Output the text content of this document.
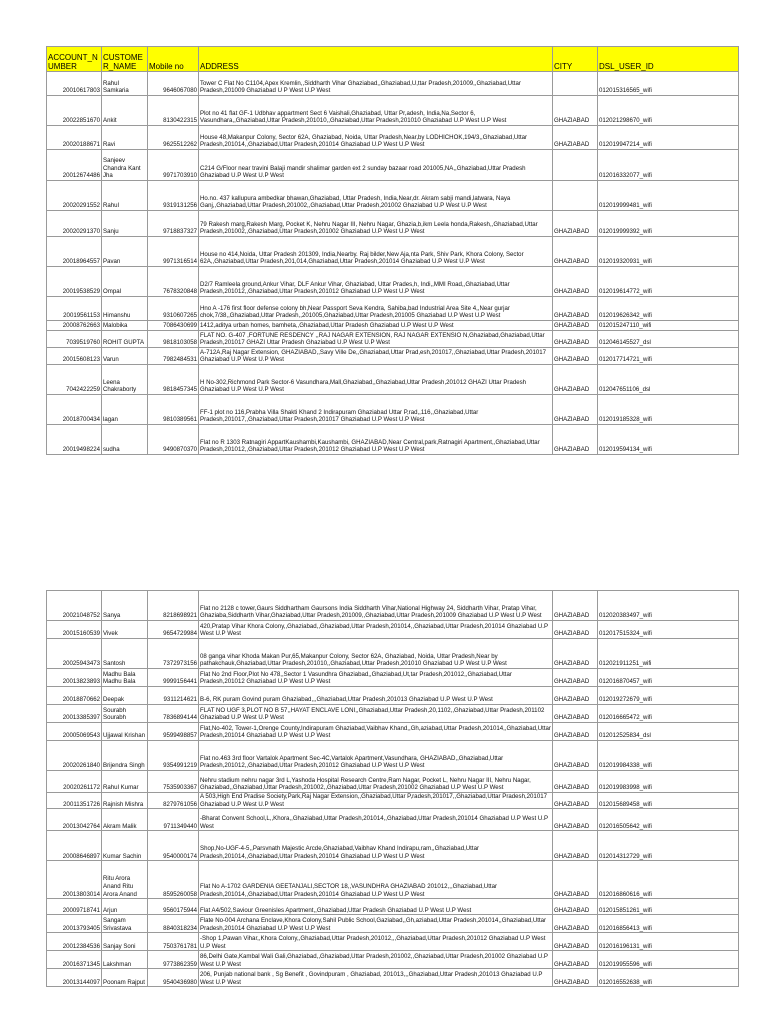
ACCOUNT_NUMBER	CUSTOMER_NAME	Mobile no	ADDRESS	CITY	DSL_USER_ID
20010617803	Rahul Samkaria	9646067080	Tower C Flat No C1104,Apex Kremlin,,Siddharth Vihar Ghaziabad,,Ghaziabad,U,ttar Pradesh,201009,,Ghaziabad,Uttar Pradesh,201009 Ghaziabad U P West U.P West		012015316565_wifi
20022851670	Ankit	8130422315	Plot no 41 flat GF-1 Udbhav appartment Sect 6 Vaishali,Ghaziabad, Uttar Pr,adesh, India,Na,Sector 6, Vasundhara,,Ghaziabad,Uttar Pradesh,201010,,Ghaziabad,Uttar Pradesh,201010 Ghaziabad U.P West U.P West	GHAZIABAD	012021298670_wifi
20020188671	Ravi	9625512262	House 48,Makanpur Colony, Sector 62A, Ghaziabad, Noida, Uttar Pradesh,Near,by LODHICHOK,194/3,,Ghaziabad,Uttar Pradesh,201014,,Ghaziabad,Uttar Pradesh,201014 Ghaziabad U.P West U.P West	GHAZIABAD	012019947214_wifi
20012674486	Sanjeev Chandra Kant Jha	9971703910	C214 G/Floor near travini Balaji mandir shalimar garden ext 2 sunday bazaar road 201005,NA,,Ghaziabad,Uttar Pradesh Ghaziabad U.P West U.P West		012016332077_wifi
20020291552	Rahul	9319131256	Ho.no. 437 kallupura ambedkar bhawan,Ghaziabad, Uttar Pradesh, India,Near,dr. Akram sabji mandi,latwara, Naya Ganj,,Ghaziabad,Uttar Pradesh,201002,,Ghaziabad,Uttar Pradesh,201002 Ghaziabad U.P West U.P West		012019999481_wifi
20020291370	Sanju	9718837327	79 Rakesh marg,Rakesh Marg, Pocket K, Nehru Nagar III, Nehru Nagar, Ghazia,b,ikm Leela honda,Rakesh,,Ghaziabad,Uttar Pradesh,201002,,Ghaziabad,Uttar Pradesh,201002 Ghaziabad U.P West U.P West	GHAZIABAD	012019999392_wifi
20018964557	Pavan	9971316514	House no 414,Noida, Uttar Pradesh 201309, India,Nearby. Raj bilder,New Aja,nta Park, Shiv Park, Khora Colony, Sector 62A,,Ghaziabad,Uttar Pradesh,201,014,Ghaziabad,Uttar Pradesh,201014 Ghaziabad U.P West U.P West	GHAZIABAD	012019320931_wifi
20019538529	Ompal	7678320848	D2/7 Ramleela ground,Ankur Vihar, DLF Ankur Vihar, Ghaziabad, Uttar Prades,h, Indi,,MMI Road,,Ghaziabad,Uttar Pradesh,201012,,Ghaziabad,Uttar Pradesh,201012 Ghaziabad U.P West U.P West	GHAZIABAD	012019614772_wifi
20019561153	Himanshu	9310607265	Hno A -176 first floor defense colony bh,Near Passport Seva Kendra, Sahiba,bad Industrial Area Site 4,,Near gurjar chok,7/38,,Ghaziabad,Uttar Pradesh,,201005,Ghaziabad,Uttar Pradesh,201005 Ghaziabad U.P West U.P West	GHAZIABAD	012019626342_wifi
20008762663	Malobika	7086430699	1412,aditya urban homes, bamheta,,Ghaziabad,Uttar Pradesh Ghaziabad U.P West U.P West	GHAZIABAD	012015247110_wifi
7039519760	ROHIT GUPTA	9818103058	FLAT NO. G-407 ,FORTUNE RESDENCY ,,RAJ NAGAR EXTENSION, RAJ NAGAR EXTENSIO N,Ghaziabad,Ghaziabad,Uttar Pradesh,201017 GHAZI Uttar Pradesh Ghaziabad U.P West U.P West	GHAZIABAD	012046145527_dsl
20015608123	Varun	7982484531	A-712A,Raj Nagar Extension, GHAZIABAD,,Savy Ville De,,Ghaziabad,Uttar Prad,esh,201017,,Ghaziabad,Uttar Pradesh,201017 Ghaziabad U.P West U.P West	GHAZIABAD	012017714721_wifi
7042422259	Leena Chakraborty	9818457345	H No-302,Richmond Park Sector-6 Vasundhara,Mall,Ghaziabad,,Ghaziabad,Uttar Pradesh,201012 GHAZI Uttar Pradesh Ghaziabad U.P West U.P West	GHAZIABAD	012047651106_dsl
20018700434	lagan	9810389561	FF-1 plot no 116,Prabha Villa Shakti Khand 2 Indirapuram Ghaziabad Uttar P,rad,,116,,Ghaziabad,Uttar Pradesh,201017,,Ghaziabad,Uttar Pradesh,201017 Ghaziabad U.P West U.P West	GHAZIABAD	012019185328_wifi
20019498224	sudha	9490870370	Flat no R 1303 Ratnagiri AppartKaushambi,Kaushambi, GHAZIABAD,Near Central,park,Ratnagiri Apartment,,Ghaziabad,Uttar Pradesh,201012,,Ghaziabad,Uttar Pradesh,201012 Ghaziabad U.P West U.P West	GHAZIABAD	012019594134_wifi
20021048752	Sanya	8218698921	Flat no 2128 c tower,Gaurs Siddhartham Gaursons India Siddharth Vihar,National Highway 24, Siddharth Vihar, Pratap Vihar, Ghaziaba,Siddharth Vihar,Ghaziabad,Uttar Pradesh,201009,,Ghaziabad,Uttar Pradesh,201009 Ghaziabad U.P West U.P West	GHAZIABAD	012020383497_wifi
20015160539	Vivek	9654729984	420,Pratap Vihar Khora Colony,,Ghaziabad,,Ghaziabad,Uttar Pradesh,201014,,Ghaziabad,Uttar Pradesh,201014 Ghaziabad U.P West U.P West	GHAZIABAD	012017515324_wifi
20025943473	Santosh	7372973156	08 ganga vihar Khoda Makan Pur,65,Makanpur Colony, Sector 62A, Ghaziabad, Noida, Uttar Pradesh,Near by pathakchauk,Ghaziabad,Uttar Pradesh,201010,,Ghaziabad,Uttar Pradesh,201010 Ghaziabad U.P West U.P West	GHAZIABAD	012021911251_wifi
20013823893	Madhu Bala Madhu Bala	9999156441	Flat No 2nd Floor,Plot No 478,,Sector 1 Vasundhra Ghaziabad,,Ghaziabad,Ut,tar Pradesh,201012,,Ghaziabad,Uttar Pradesh,201012 Ghaziabad U.P West U.P West	GHAZIABAD	012016870457_wifi
20018870662	Deepak	9311214621	B-6, RK puram Govind puram Ghaziabad,,,Ghaziabad,Uttar Pradesh,201013 Ghaziabad U.P West U.P West	GHAZIABAD	012019272679_wifi
20013385397	Sourabh Sourabh	7836894144	FLAT NO UGF 3,PLOT NO B 57,,HAYAT ENCLAVE LONI,,Ghaziabad,Uttar Pradesh,20,1102,,Ghaziabad,Uttar Pradesh,201102 Ghaziabad U.P West U.P West	GHAZIABAD	012016665472_wifi
20005069543	Ujjawal Krishan	9599498857	Flat,No-402, Tower-1,Orenge County,Indirapuram Ghaziabad,Vaibhav Khand,,Gh,aziabad,Uttar Pradesh,201014,,Ghaziabad,Uttar Pradesh,201014 Ghaziabad U.P West U.P West	GHAZIABAD	012012525834_dsl
20020261840	Brijendra Singh	9354991219	Flat no.463 3rd floor Vartalok Apartment Sec-4C,Vartalok Apartment,Vasundhara, GHAZIABAD,,Ghaziabad,Uttar Pradesh,201012,,Ghaziabad,Uttar Pradesh,201012 Ghaziabad U.P West U.P West	GHAZIABAD	012019984338_wifi
20020261172	Rahul Kumar	7535903367	Nehru stadium nehru nagar 3rd L,Yashoda Hospital Research Centre,Ram Nagar, Pocket L, Nehru Nagar III, Nehru Nagar, Ghaziabad,,Ghaziabad,Uttar Pradesh,201002,,Ghaziabad,Uttar Pradesh,201002 Ghaziabad U.P West U.P West	GHAZIABAD	012019983998_wifi
20011351726	Rajnish Mishra	8279761056	A 503,High End Pradise Society,Park,Raj Nagar Extension,,Ghaziabad,Uttar P,radesh,201017,,Ghaziabad,Uttar Pradesh,201017 Ghaziabad U.P West U.P West	GHAZIABAD	012015689458_wifi
20013042764	Akram Malik	9711349440	-Bharat Convent School,L,,Khora,,Ghaziabad,Uttar Pradesh,201014,,Ghaziabad,Uttar Pradesh,201014 Ghaziabad U.P West U.P West	GHAZIABAD	012016505642_wifi
20008646897	Kumar Sachin	9540000174	Shop,No-UGF-4-5,,Parsvnath Majestic Arcde,Ghaziabad,Vaibhav Khand Indirapu,ram,,Ghaziabad,Uttar Pradesh,201014,,Ghaziabad,Uttar Pradesh,201014 Ghaziabad U.P West U.P West	GHAZIABAD	012014312729_wifi
20013803014	Ritu Arora Anand Ritu Arora Anand	8595260058	Flat No A-1702 GARDENIA GEETANJALI,SECTOR 18,,VASUNDHRA GHAZIABAD 201012,,,Ghaziabad,Uttar Pradesh,201014,,Ghaziabad,Uttar Pradesh,201014 Ghaziabad U.P West U.P West	GHAZIABAD	012016860616_wifi
20009718741	Arjun	9560175944	Flat A4/502,Saviour Greenisles Apartment,,Ghaziabad,Uttar Pradesh Ghaziabad U.P West U.P West	GHAZIABAD	012015851261_wifi
20013793405	Sangam Srivastava	8840318234	Flate No-004 Archana Enclave,Khora Colony,Sahil Public School,Gaziabad,,Gh,aziabad,Uttar Pradesh,201014,,Ghaziabad,Uttar Pradesh,201014 Ghaziabad U.P West U.P West	GHAZIABAD	012016856413_wifi
20012384536	Sanjay Soni	7503761781	-Shop 1,Pawan Vihar,,Khora Colony,,Ghaziabad,Uttar Pradesh,201012,,,Ghaziabad,Uttar Pradesh,201012 Ghaziabad U.P West U.P West	GHAZIABAD	012016196131_wifi
20016371345	Lakshman	9773862359	86,Delhi Gate,Kambal Wali Gali,Ghaziabad,,Ghaziabad,Uttar Pradesh,201002,,Ghaziabad,Uttar Pradesh,201002 Ghaziabad U.P West U.P West	GHAZIABAD	012019955596_wifi
20013144097	Poonam Rajput	9540436980	206, Punjab national bank , Sg Benefit , Govindpuram , Ghaziabad, 201013,,,Ghaziabad,Uttar Pradesh,201013 Ghaziabad U.P West U.P West	GHAZIABAD	012016552638_wifi
